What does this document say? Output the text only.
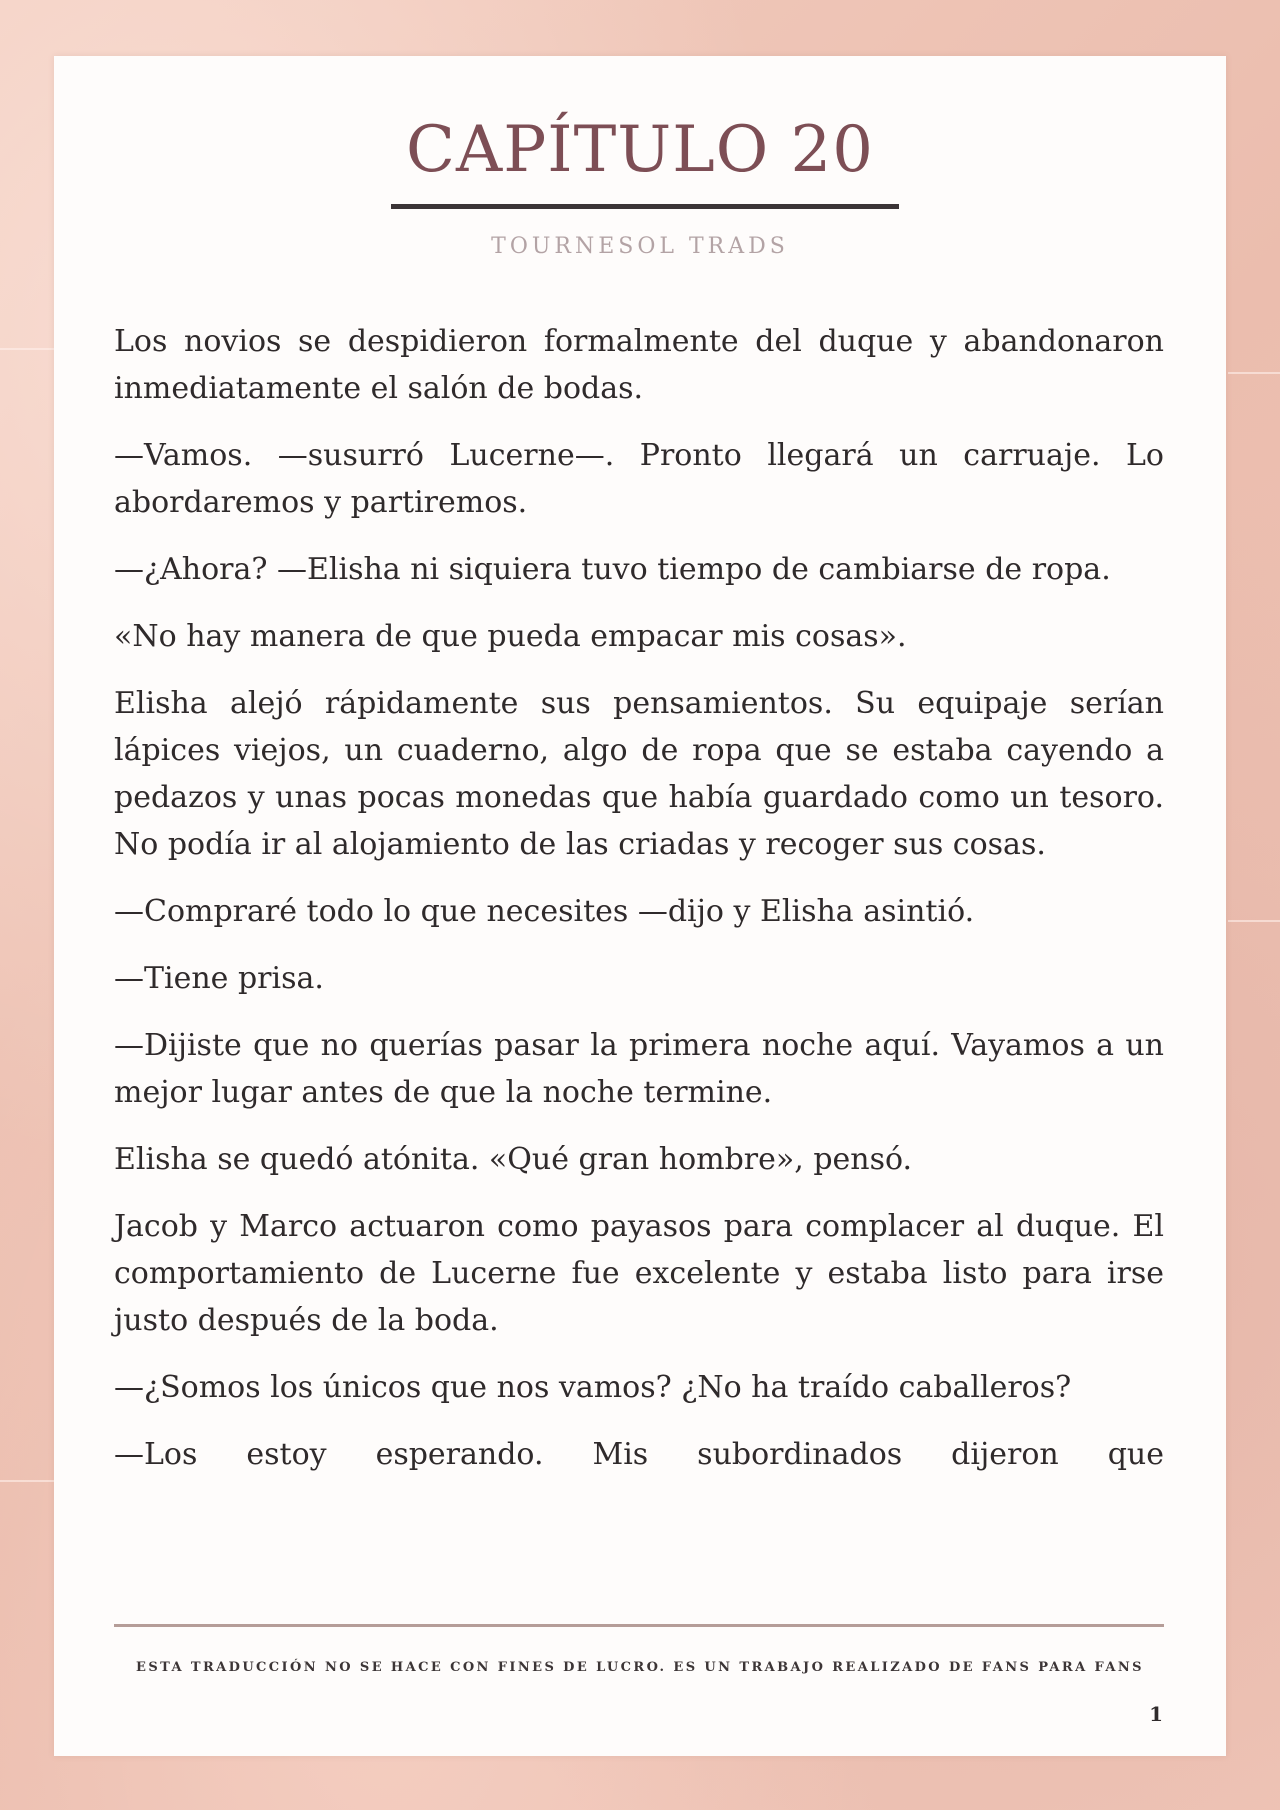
CAPÍTULO 20
TOURNESOL TRADS

Los novios se despidieron formalmente del duque y abandonaron inmediatamente el salón de bodas.

—Vamos. —susurró Lucerne—. Pronto llegará un carruaje. Lo abordaremos y partiremos.

—¿Ahora? —Elisha ni siquiera tuvo tiempo de cambiarse de ropa.

«No hay manera de que pueda empacar mis cosas».

Elisha alejó rápidamente sus pensamientos. Su equipaje serían lápices viejos, un cuaderno, algo de ropa que se estaba cayendo a pedazos y unas pocas monedas que había guardado como un tesoro. No podía ir al alojamiento de las criadas y recoger sus cosas.

—Compraré todo lo que necesites —dijo y Elisha asintió.

—Tiene prisa.

—Dijiste que no querías pasar la primera noche aquí. Vayamos a un mejor lugar antes de que la noche termine.

Elisha se quedó atónita. «Qué gran hombre», pensó.

Jacob y Marco actuaron como payasos para complacer al duque. El comportamiento de Lucerne fue excelente y estaba listo para irse justo después de la boda.

—¿Somos los únicos que nos vamos? ¿No ha traído caballeros?

—Los estoy esperando. Mis subordinados dijeron que

ESTA TRADUCCIÓN NO SE HACE CON FINES DE LUCRO. ES UN TRABAJO REALIZADO DE FANS PARA FANS
1
